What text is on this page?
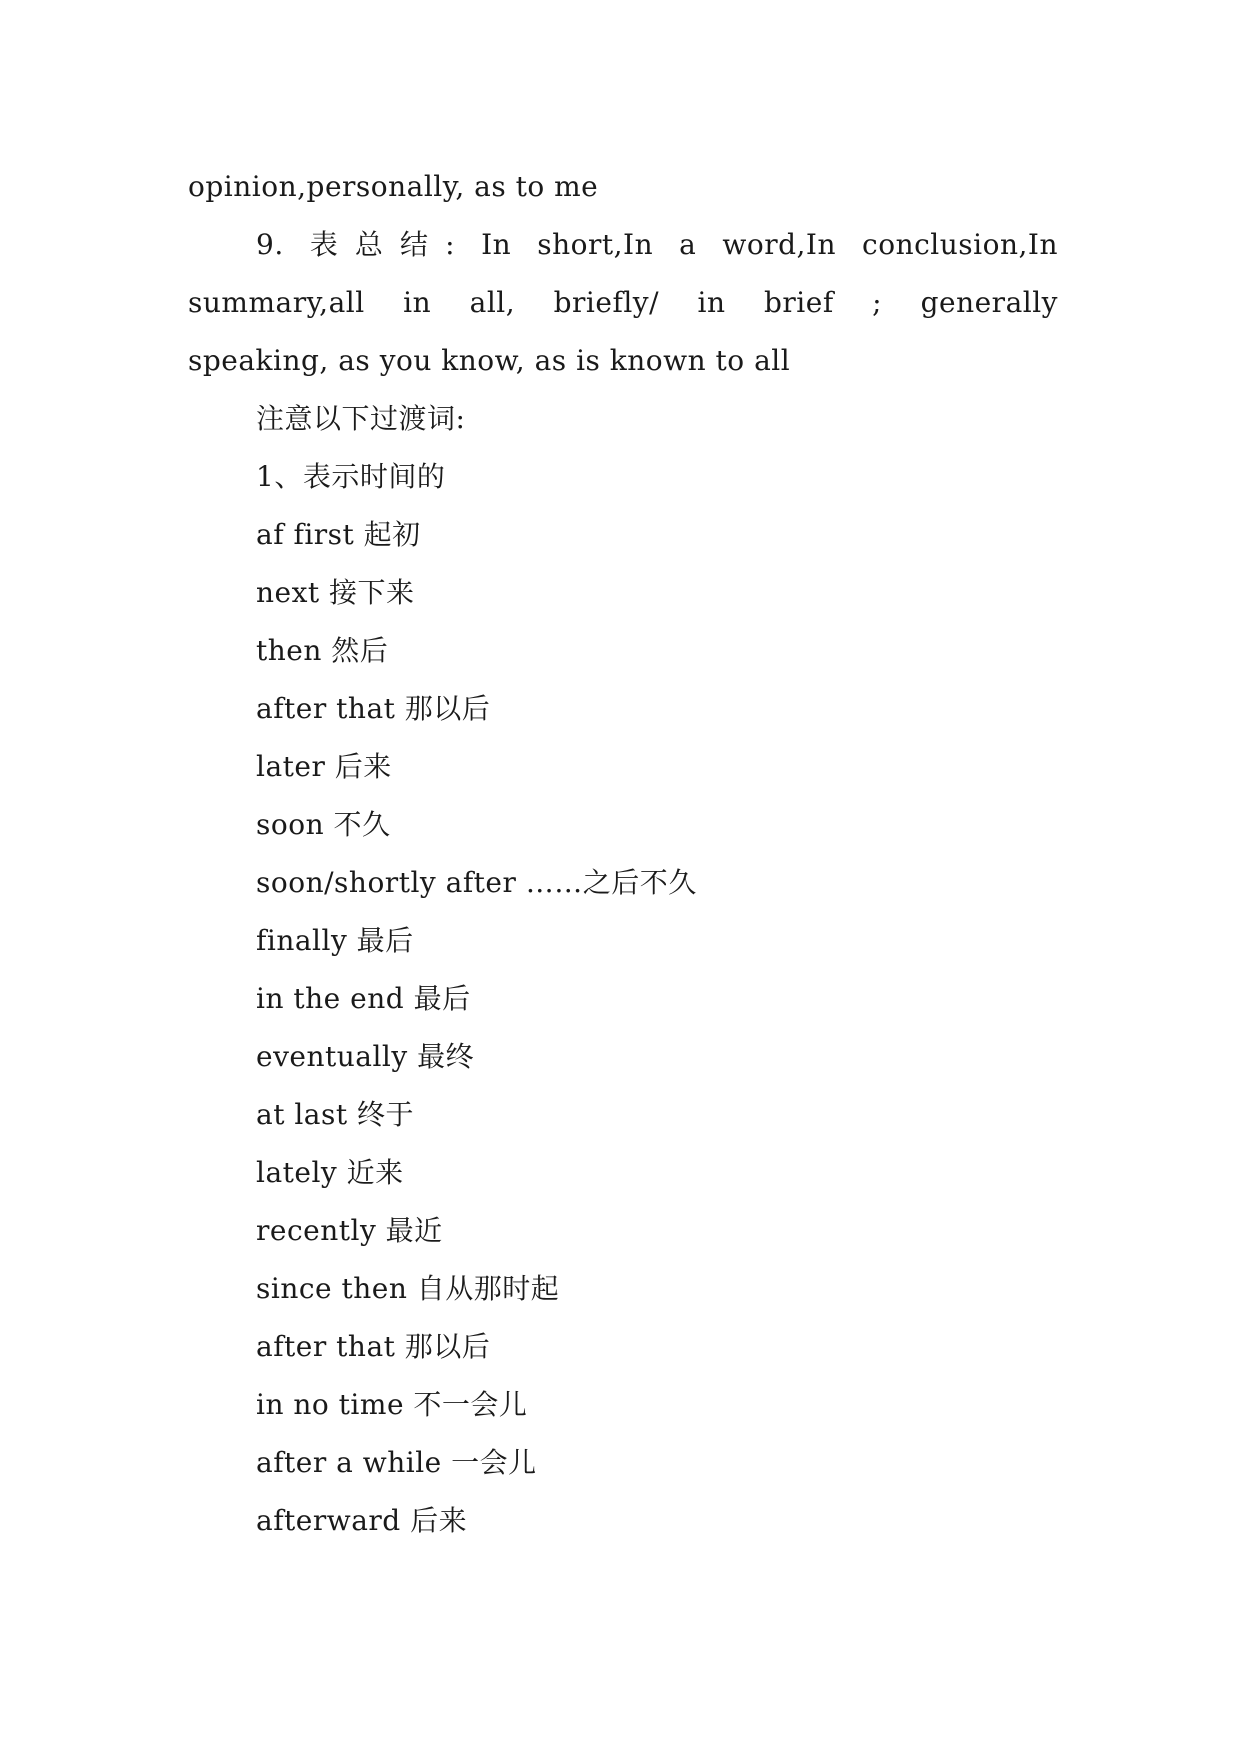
opinion,personally, as to me
9. 表总结: In short,In a word,In conclusion,In
summary,all in all, briefly/ in brief ; generally
speaking, as you know, as is known to all
注意以下过渡词:
1、表示时间的
af first 起初
next 接下来
then 然后
after that 那以后
later 后来
soon 不久
soon/shortly after ……之后不久
finally 最后
in the end 最后
eventually 最终
at last 终于
lately 近来
recently 最近
since then 自从那时起
after that 那以后
in no time 不一会儿
after a while 一会儿
afterward 后来
